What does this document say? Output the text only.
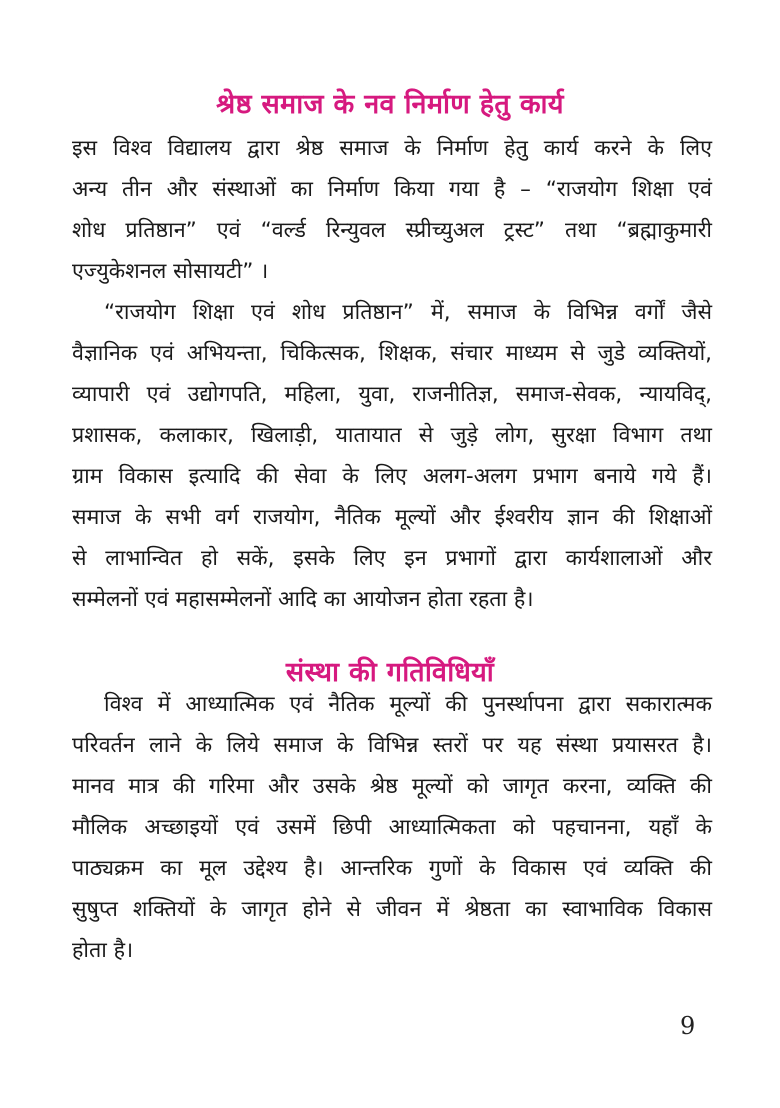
श्रेष्ठ समाज के नव निर्माण हेतु कार्य
इस विश्व विद्यालय द्वारा श्रेष्ठ समाज के निर्माण हेतु कार्य करने के लिए
अन्य तीन और संस्थाओं का निर्माण किया गया है – “राजयोग शिक्षा एवं
शोध प्रतिष्ठान” एवं “वर्ल्ड रिन्युवल स्प्रीच्युअल ट्रस्ट” तथा “ब्रह्माकुमारी
एज्युकेशनल सोसायटी” ।
“राजयोग शिक्षा एवं शोध प्रतिष्ठान” में, समाज के विभिन्न वर्गों जैसे
वैज्ञानिक एवं अभियन्ता, चिकित्सक, शिक्षक, संचार माध्यम से जुडे व्यक्तियों,
व्यापारी एवं उद्योगपति, महिला, युवा, राजनीतिज्ञ, समाज-सेवक, न्यायविद्,
प्रशासक, कलाकार, खिलाड़ी, यातायात से जुड़े लोग, सुरक्षा विभाग तथा
ग्राम विकास इत्यादि की सेवा के लिए अलग-अलग प्रभाग बनाये गये हैं।
समाज के सभी वर्ग राजयोग, नैतिक मूल्यों और ईश्वरीय ज्ञान की शिक्षाओं
से लाभान्वित हो सकें, इसके लिए इन प्रभागों द्वारा कार्यशालाओं और
सम्मेलनों एवं महासम्मेलनों आदि का आयोजन होता रहता है।
संस्था की गतिविधियाँ
विश्व में आध्यात्मिक एवं नैतिक मूल्यों की पुनर्स्थापना द्वारा सकारात्मक
परिवर्तन लाने के लिये समाज के विभिन्न स्तरों पर यह संस्था प्रयासरत है।
मानव मात्र की गरिमा और उसके श्रेष्ठ मूल्यों को जागृत करना, व्यक्ति की
मौलिक अच्छाइयों एवं उसमें छिपी आध्यात्मिकता को पहचानना, यहाँ के
पाठ्यक्रम का मूल उद्देश्य है। आन्तरिक गुणों के विकास एवं व्यक्ति की
सुषुप्त शक्तियों के जागृत होने से जीवन में श्रेष्ठता का स्वाभाविक विकास
होता है।
9
